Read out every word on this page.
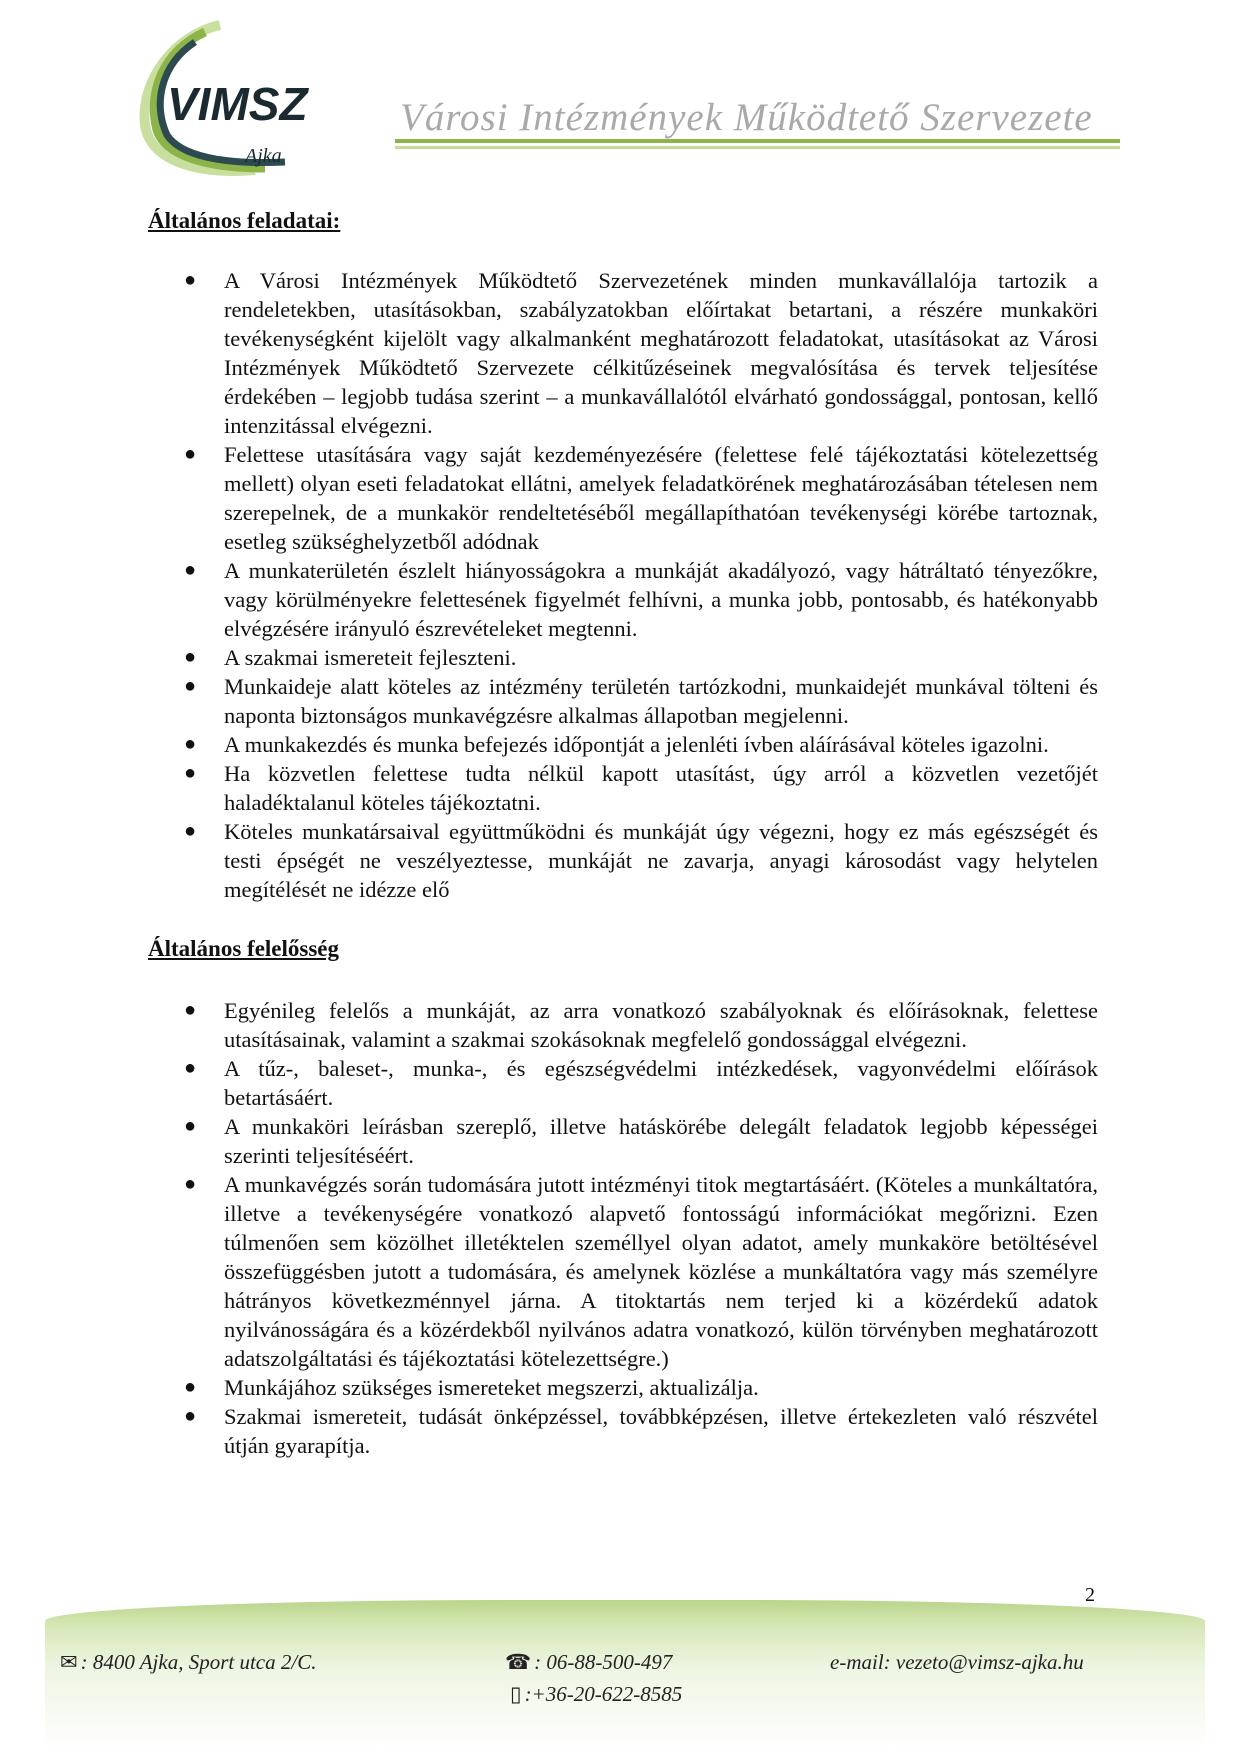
VIMSZ
Ajka
Városi Intézmények Működtető Szervezete
Általános feladatai:
● A Városi Intézmények Működtető Szervezetének minden munkavállalója tartozik a rendeletekben, utasításokban, szabályzatokban előírtakat betartani, a részére munkaköri tevékenységként kijelölt vagy alkalmanként meghatározott feladatokat, utasításokat az Városi Intézmények Működtető Szervezete célkitűzéseinek megvalósítása és tervek teljesítése érdekében – legjobb tudása szerint – a munkavállalótól elvárható gondossággal, pontosan, kellő intenzitással elvégezni.
● Felettese utasítására vagy saját kezdeményezésére (felettese felé tájékoztatási kötelezettség mellett) olyan eseti feladatokat ellátni, amelyek feladatkörének meghatározásában tételesen nem szerepelnek, de a munkakör rendeltetéséből megállapíthatóan tevékenységi körébe tartoznak, esetleg szükséghelyzetből adódnak
● A munkaterületén észlelt hiányosságokra a munkáját akadályozó, vagy hátráltató tényezőkre, vagy körülményekre felettesének figyelmét felhívni, a munka jobb, pontosabb, és hatékonyabb elvégzésére irányuló észrevételeket megtenni.
● A szakmai ismereteit fejleszteni.
● Munkaideje alatt köteles az intézmény területén tartózkodni, munkaidejét munkával tölteni és naponta biztonságos munkavégzésre alkalmas állapotban megjelenni.
● A munkakezdés és munka befejezés időpontját a jelenléti ívben aláírásával köteles igazolni.
● Ha közvetlen felettese tudta nélkül kapott utasítást, úgy arról a közvetlen vezetőjét haladéktalanul köteles tájékoztatni.
● Köteles munkatársaival együttműködni és munkáját úgy végezni, hogy ez más egészségét és testi épségét ne veszélyeztesse, munkáját ne zavarja, anyagi károsodást vagy helytelen megítélését ne idézze elő
Általános felelősség
● Egyénileg felelős a munkáját, az arra vonatkozó szabályoknak és előírásoknak, felettese utasításainak, valamint a szakmai szokásoknak megfelelő gondossággal elvégezni.
● A tűz-, baleset-, munka-, és egészségvédelmi intézkedések, vagyonvédelmi előírások betartásáért.
● A munkaköri leírásban szereplő, illetve hatáskörébe delegált feladatok legjobb képességei szerinti teljesítéséért.
● A munkavégzés során tudomására jutott intézményi titok megtartásáért. (Köteles a munkáltatóra, illetve a tevékenységére vonatkozó alapvető fontosságú információkat megőrizni. Ezen túlmenően sem közölhet illetéktelen személlyel olyan adatot, amely munkaköre betöltésével összefüggésben jutott a tudomására, és amelynek közlése a munkáltatóra vagy más személyre hátrányos következménnyel járna. A titoktartás nem terjed ki a közérdekű adatok nyilvánosságára és a közérdekből nyilvános adatra vonatkozó, külön törvényben meghatározott adatszolgáltatási és tájékoztatási kötelezettségre.)
● Munkájához szükséges ismereteket megszerzi, aktualizálja.
● Szakmai ismereteit, tudását önképzéssel, továbbképzésen, illetve értekezleten való részvétel útján gyarapítja.
2
✉ : 8400 Ajka, Sport utca 2/C.	☎ : 06-88-500-497	e-mail: vezeto@vimsz-ajka.hu
▯ :+36-20-622-8585
